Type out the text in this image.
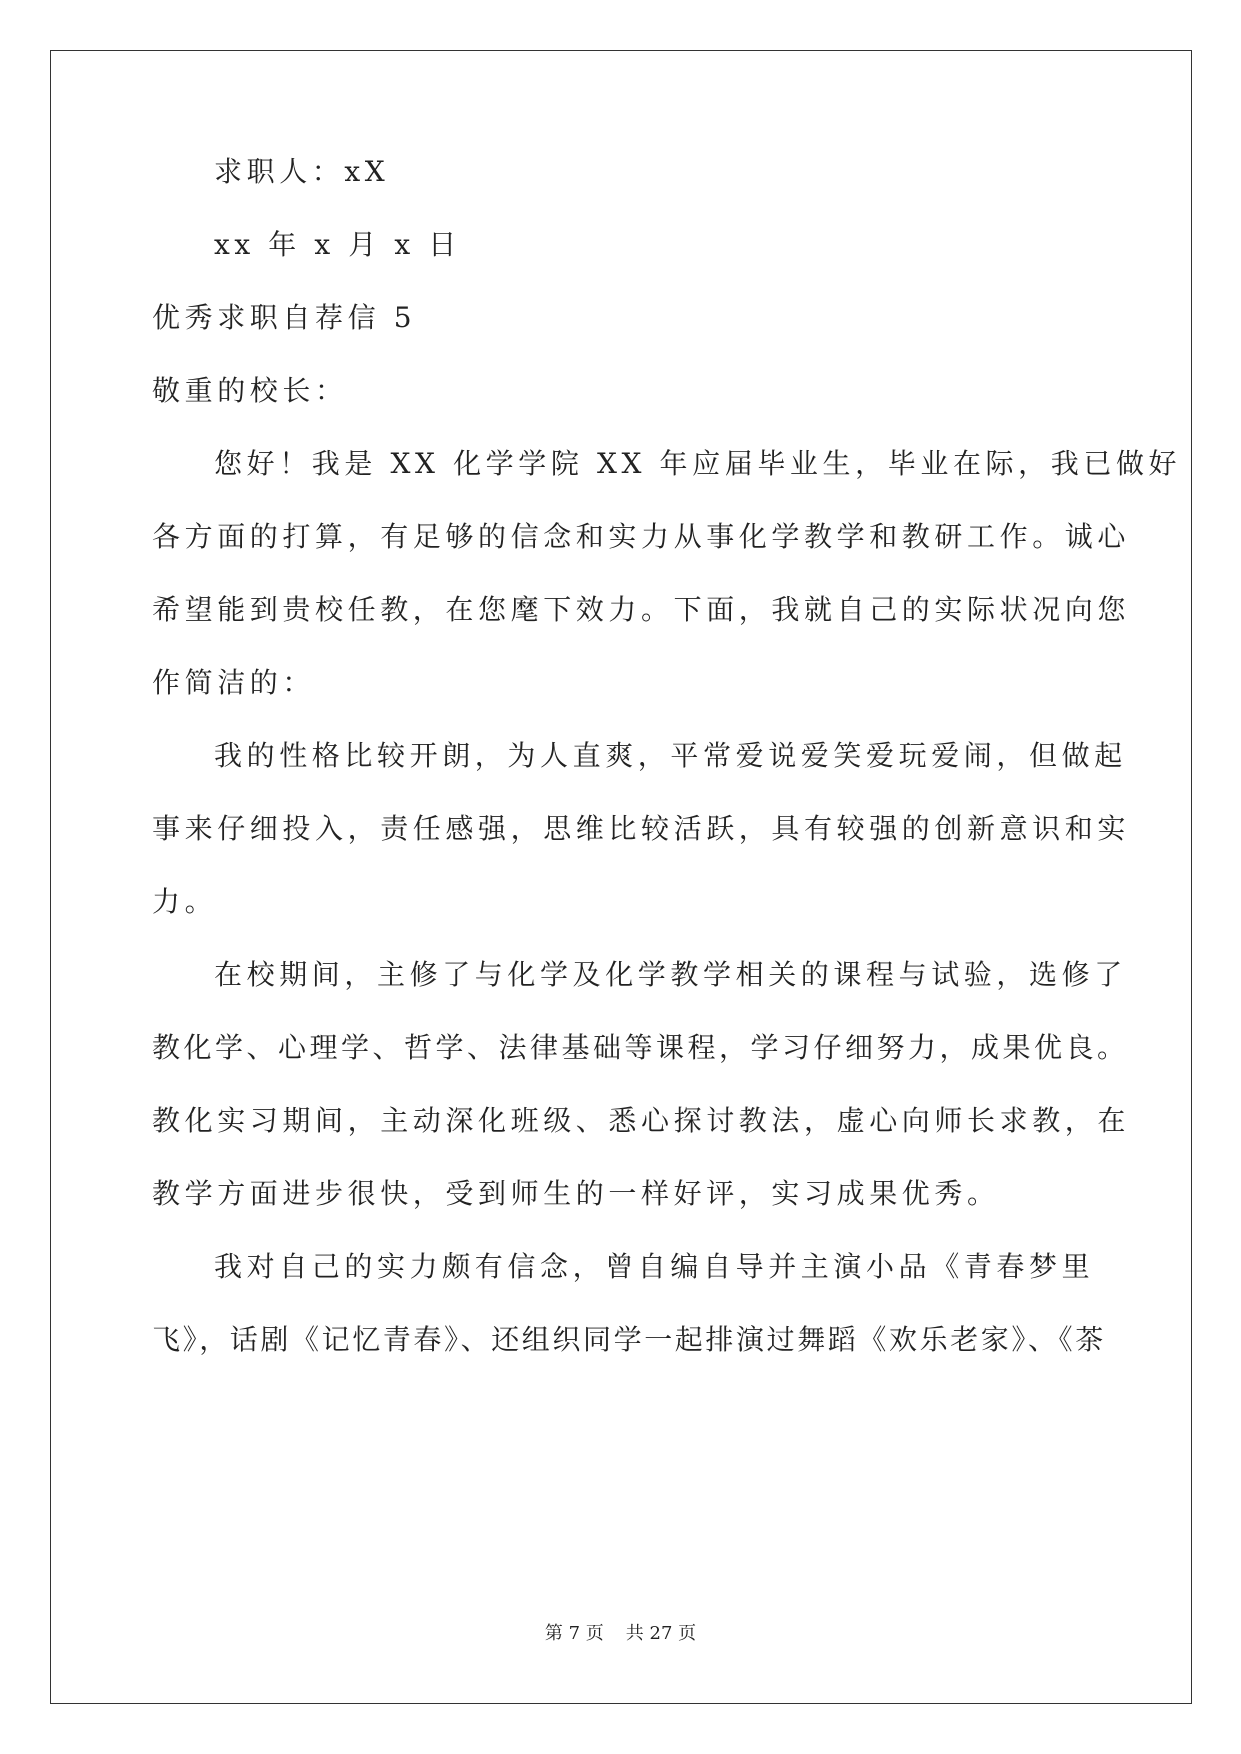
求职人：xX
xx 年 x 月 x 日
优秀求职自荐信 5
敬重的校长：
您好！我是 XX 化学学院 XX 年应届毕业生，毕业在际，我已做好
各方面的打算，有足够的信念和实力从事化学教学和教研工作。诚心
希望能到贵校任教，在您麾下效力。下面，我就自己的实际状况向您
作简洁的：
我的性格比较开朗，为人直爽，平常爱说爱笑爱玩爱闹，但做起
事来仔细投入，责任感强，思维比较活跃，具有较强的创新意识和实
力。
在校期间，主修了与化学及化学教学相关的课程与试验，选修了
教化学、心理学、哲学、法律基础等课程，学习仔细努力，成果优良。
教化实习期间，主动深化班级、悉心探讨教法，虚心向师长求教，在
教学方面进步很快，受到师生的一样好评，实习成果优秀。
我对自己的实力颇有信念，曾自编自导并主演小品《青春梦里
飞》，话剧《记忆青春》、还组织同学一起排演过舞蹈《欢乐老家》、《茶
第 7 页 共 27 页
